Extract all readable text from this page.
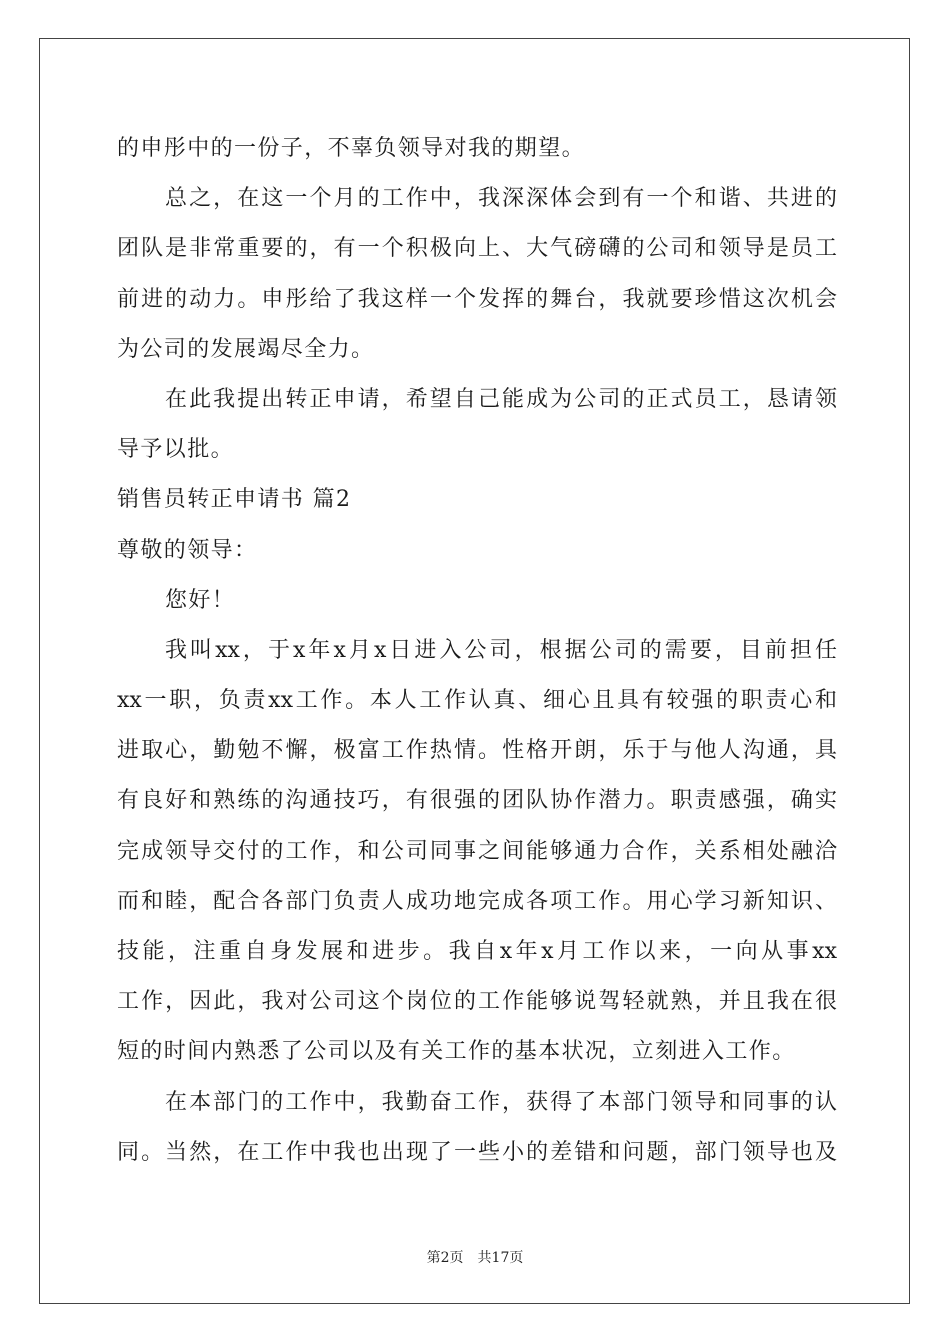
的申彤中的一份子，不辜负领导对我的期望。
总之，在这一个月的工作中，我深深体会到有一个和谐、共进的
团队是非常重要的，有一个积极向上、大气磅礴的公司和领导是员工
前进的动力。申彤给了我这样一个发挥的舞台，我就要珍惜这次机会
为公司的发展竭尽全力。
在此我提出转正申请，希望自己能成为公司的正式员工，恳请领
导予以批。
销售员转正申请书 篇2
尊敬的领导：
您好！
我叫xx，于x年x月x日进入公司，根据公司的需要，目前担任
xx一职，负责xx工作。本人工作认真、细心且具有较强的职责心和
进取心，勤勉不懈，极富工作热情。性格开朗，乐于与他人沟通，具
有良好和熟练的沟通技巧，有很强的团队协作潜力。职责感强，确实
完成领导交付的工作，和公司同事之间能够通力合作，关系相处融洽
而和睦，配合各部门负责人成功地完成各项工作。用心学习新知识、
技能，注重自身发展和进步。我自x年x月工作以来，一向从事xx
工作，因此，我对公司这个岗位的工作能够说驾轻就熟，并且我在很
短的时间内熟悉了公司以及有关工作的基本状况，立刻进入工作。
在本部门的工作中，我勤奋工作，获得了本部门领导和同事的认
同。当然，在工作中我也出现了一些小的差错和问题，部门领导也及
第2页 共17页
